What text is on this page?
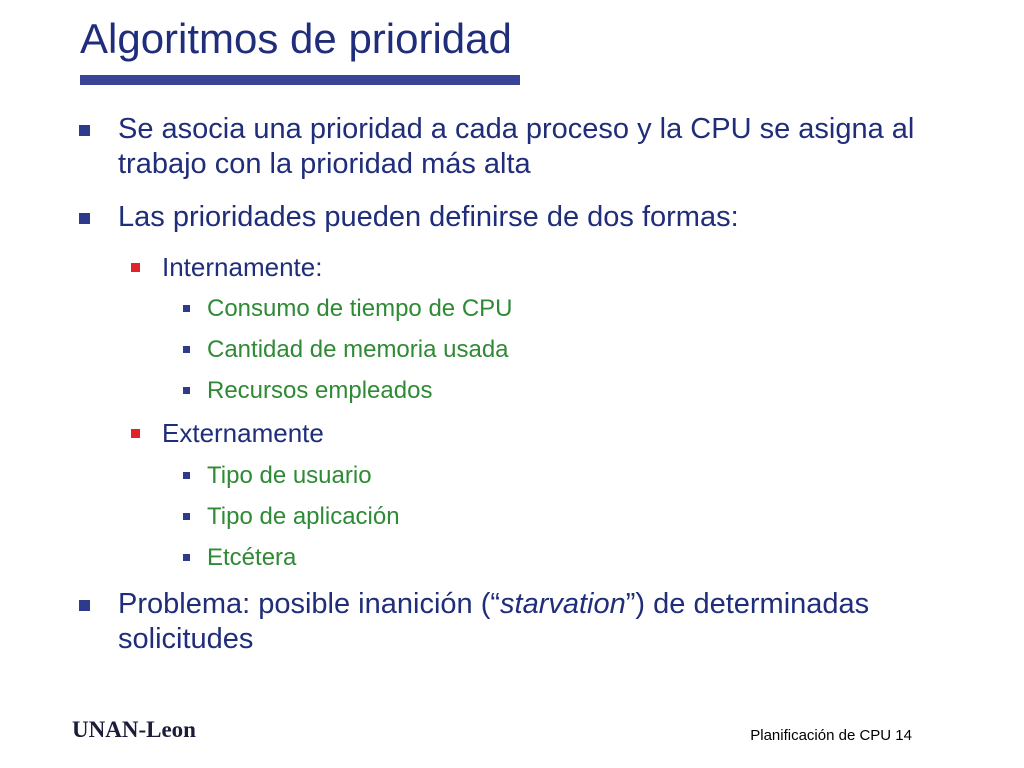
Algoritmos de prioridad
Se asocia una prioridad a cada proceso y la CPU se asigna al trabajo con la prioridad más alta
Las prioridades pueden definirse de dos formas:
Internamente:
Consumo de tiempo de CPU
Cantidad de memoria usada
Recursos empleados
Externamente
Tipo de usuario
Tipo de aplicación
Etcétera
Problema: posible inanición (“starvation”) de determinadas solicitudes
UNAN-Leon	Planificación de CPU 14
